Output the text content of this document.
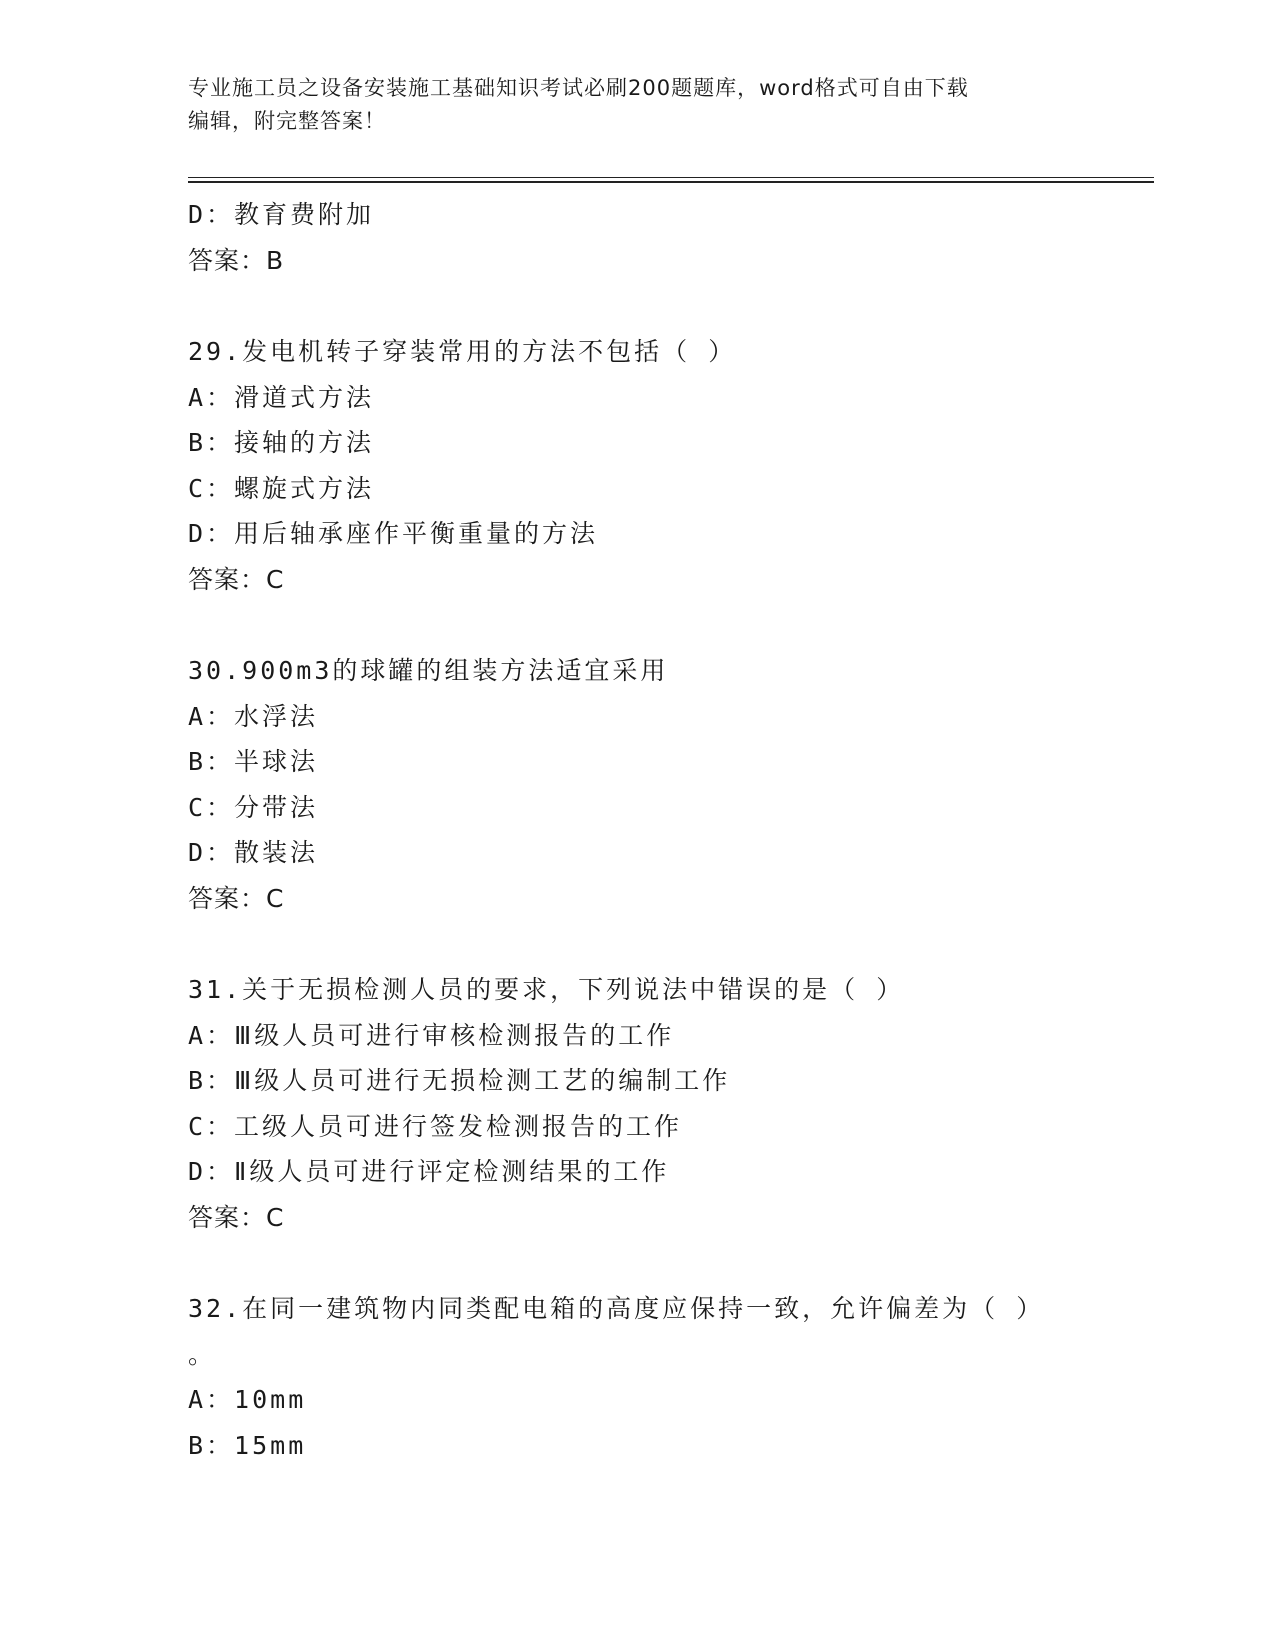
专业施工员之设备安装施工基础知识考试必刷200题题库，word格式可自由下载
编辑，附完整答案！
D：教育费附加
答案：B
29.发电机转子穿装常用的方法不包括（ ）
A：滑道式方法
B：接轴的方法
C：螺旋式方法
D：用后轴承座作平衡重量的方法
答案：C
30.900m3的球罐的组装方法适宜采用
A：水浮法
B：半球法
C：分带法
D：散装法
答案：C
31.关于无损检测人员的要求，下列说法中错误的是（ ）
A：Ⅲ级人员可进行审核检测报告的工作
B：Ⅲ级人员可进行无损检测工艺的编制工作
C：工级人员可进行签发检测报告的工作
D：Ⅱ级人员可进行评定检测结果的工作
答案：C
32.在同一建筑物内同类配电箱的高度应保持一致，允许偏差为（ ）
。
A：10mm
B：15mm
